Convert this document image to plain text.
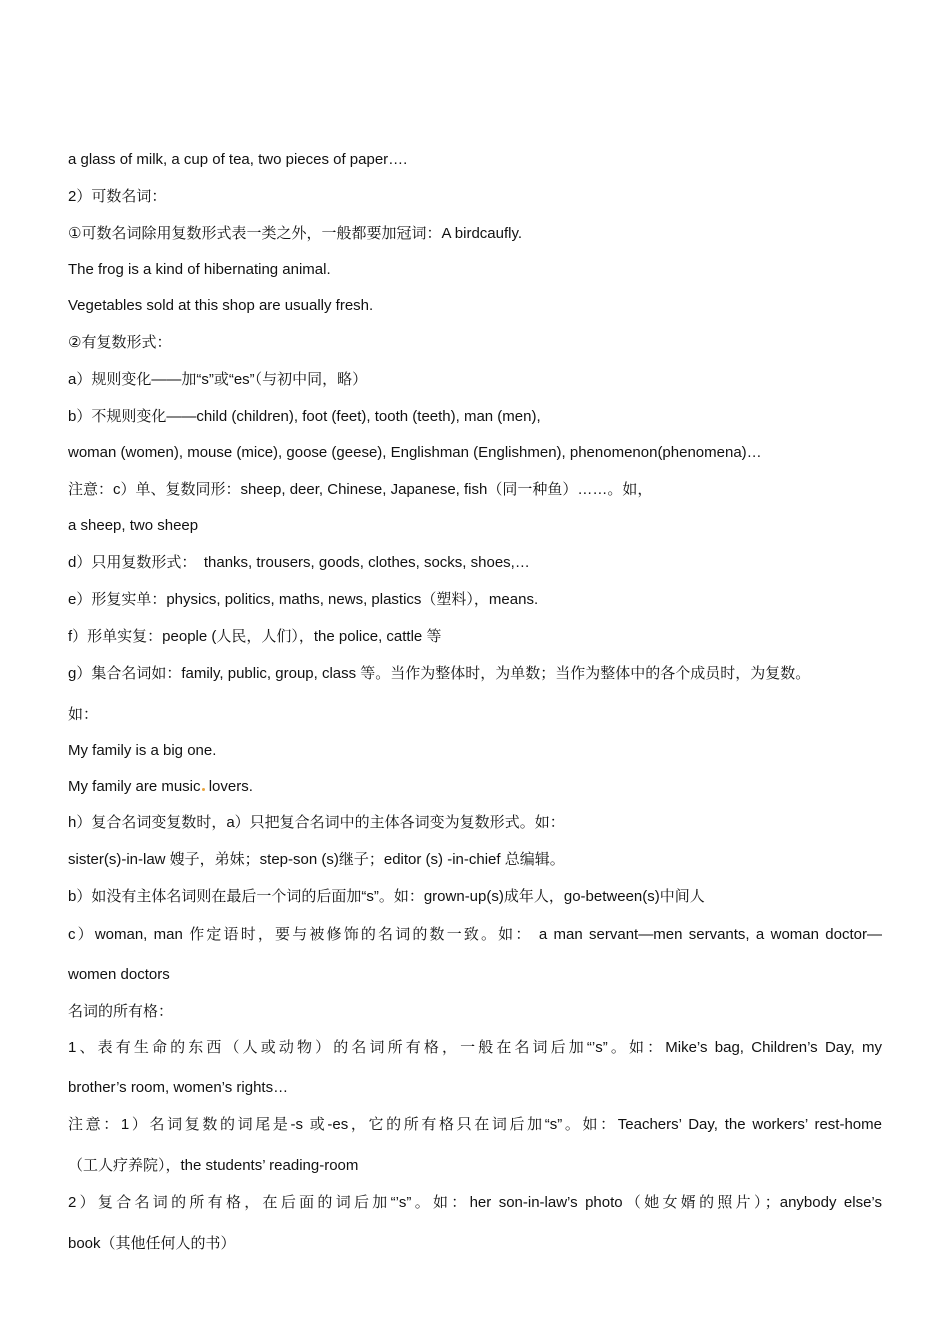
a glass of milk, a cup of tea, two pieces of paper….
2）可数名词：
①可数名词除用复数形式表一类之外，一般都要加冠词：A birdcaufly.
The frog is a kind of hibernating animal.
Vegetables sold at this shop are usually fresh.
②有复数形式：
a）规则变化——加“s”或“es”（与初中同，略）
b）不规则变化——child (children), foot (feet), tooth (teeth), man (men),
woman (women), mouse (mice), goose (geese), Englishman (Englishmen), phenomenon(phenomena)…
注意：c）单、复数同形：sheep, deer, Chinese, Japanese, fish（同一种鱼）……。如，
a sheep, two sheep
d）只用复数形式：　thanks, trousers, goods, clothes, socks, shoes,…
e）形复实单：physics, politics, maths, news, plastics（塑料），means.
f）形单实复：people (人民，人们），the police, cattle 等
g）集合名词如：family, public, group, class 等。当作为整体时，为单数；当作为整体中的各个成员时，为复数。
如：
My family is a big one.
My family are music lovers.
h）复合名词变复数时，a）只把复合名词中的主体各词变为复数形式。如：
sister(s)-in-law 嫂子，弟妹；step-son (s)继子；editor (s) -in-chief 总编辑。
b）如没有主体名词则在最后一个词的后面加“s”。如：grown-up(s)成年人，go-between(s)中间人
c）woman, man 作定语时，要与被修饰的名词的数一致。如： a man servant—men servants, a woman doctor—
women doctors
名词的所有格：
1、表有生命的东西（人或动物）的名词所有格，一般在名词后加“’s”。如：Mike’s bag, Children’s Day, my
brother’s room, women’s rights…
注意：1）名词复数的词尾是-s 或-es，它的所有格只在词后加“s”。如：Teachers’ Day, the workers’ rest-home
（工人疗养院），the students’ reading-room
2）复合名词的所有格，在后面的词后加“’s”。如：her son-in-law’s photo（她女婿的照片）；anybody else’s
book（其他任何人的书）
